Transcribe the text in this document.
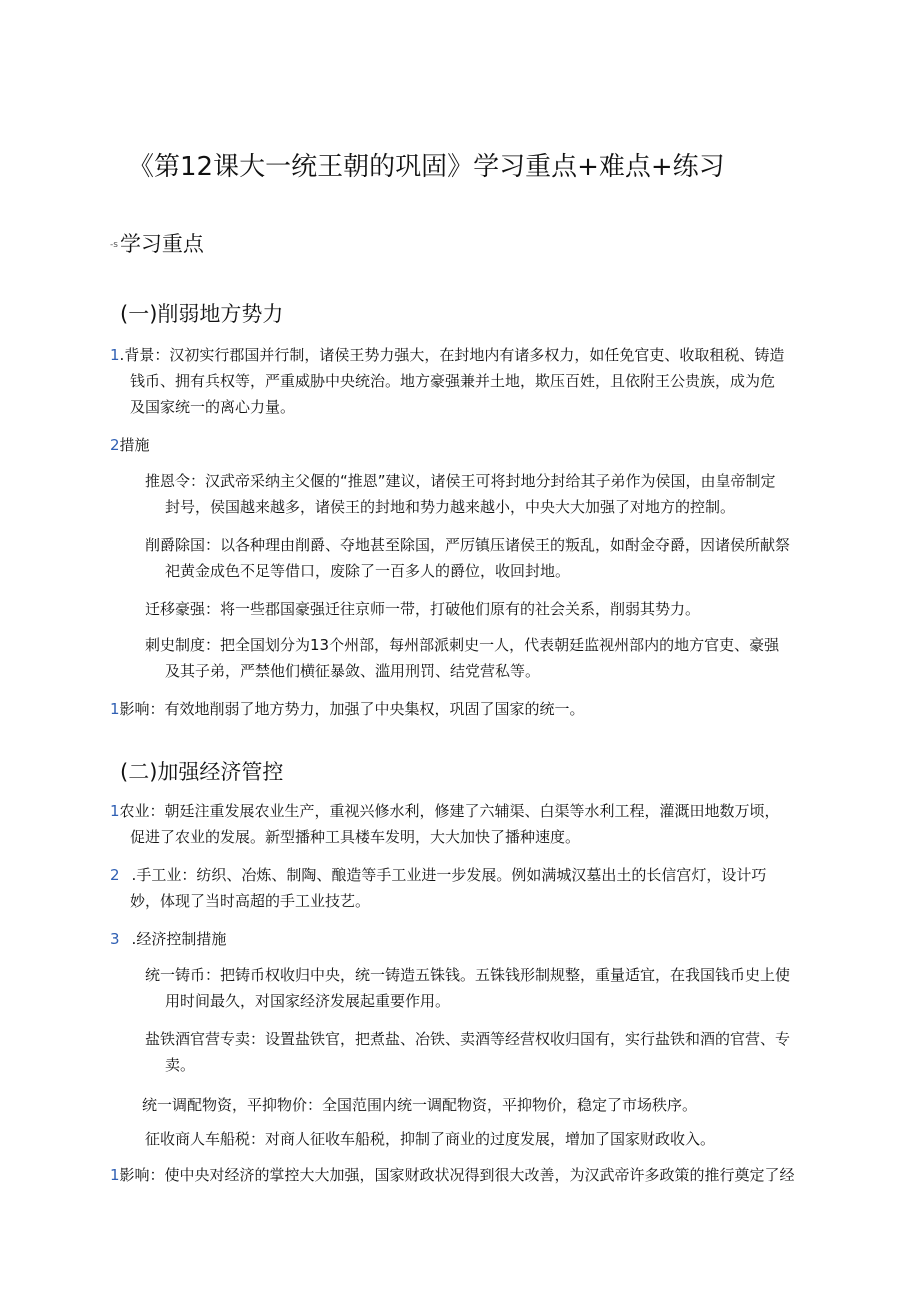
《第12课大一统王朝的巩固》学习重点+难点+练习
-s学习重点
(一)削弱地方势力
1.背景：汉初实行郡国并行制，诸侯王势力强大，在封地内有诸多权力，如任免官吏、收取租税、铸造
钱币、拥有兵权等，严重威胁中央统治。地方豪强兼并土地，欺压百姓，且依附王公贵族，成为危
及国家统一的离心力量。
2措施
推恩令：汉武帝采纳主父偃的“推恩”建议，诸侯王可将封地分封给其子弟作为侯国，由皇帝制定
封号，侯国越来越多，诸侯王的封地和势力越来越小，中央大大加强了对地方的控制。
削爵除国：以各种理由削爵、夺地甚至除国，严厉镇压诸侯王的叛乱，如酎金夺爵，因诸侯所献祭
祀黄金成色不足等借口，废除了一百多人的爵位，收回封地。
迁移豪强：将一些郡国豪强迁往京师一带，打破他们原有的社会关系，削弱其势力。
刺史制度：把全国划分为13个州部，每州部派刺史一人，代表朝廷监视州部内的地方官吏、豪强
及其子弟，严禁他们横征暴敛、滥用刑罚、结党营私等。
1影响：有效地削弱了地方势力，加强了中央集权，巩固了国家的统一。
(二)加强经济管控
1农业：朝廷注重发展农业生产，重视兴修水利，修建了六辅渠、白渠等水利工程，灌溉田地数万顷，
促进了农业的发展。新型播种工具楼车发明，大大加快了播种速度。
2 .手工业：纺织、冶炼、制陶、酿造等手工业进一步发展。例如满城汉墓出土的长信宫灯，设计巧
妙，体现了当时高超的手工业技艺。
3 .经济控制措施
统一铸币：把铸币权收归中央，统一铸造五铢钱。五铢钱形制规整，重量适宜，在我国钱币史上使
用时间最久，对国家经济发展起重要作用。
盐铁酒官营专卖：设置盐铁官，把煮盐、冶铁、卖酒等经营权收归国有，实行盐铁和酒的官营、专
卖。
统一调配物资，平抑物价：全国范围内统一调配物资，平抑物价，稳定了市场秩序。
征收商人车船税：对商人征收车船税，抑制了商业的过度发展，增加了国家财政收入。
1影响：使中央对经济的掌控大大加强，国家财政状况得到很大改善，为汉武帝许多政策的推行奠定了经
